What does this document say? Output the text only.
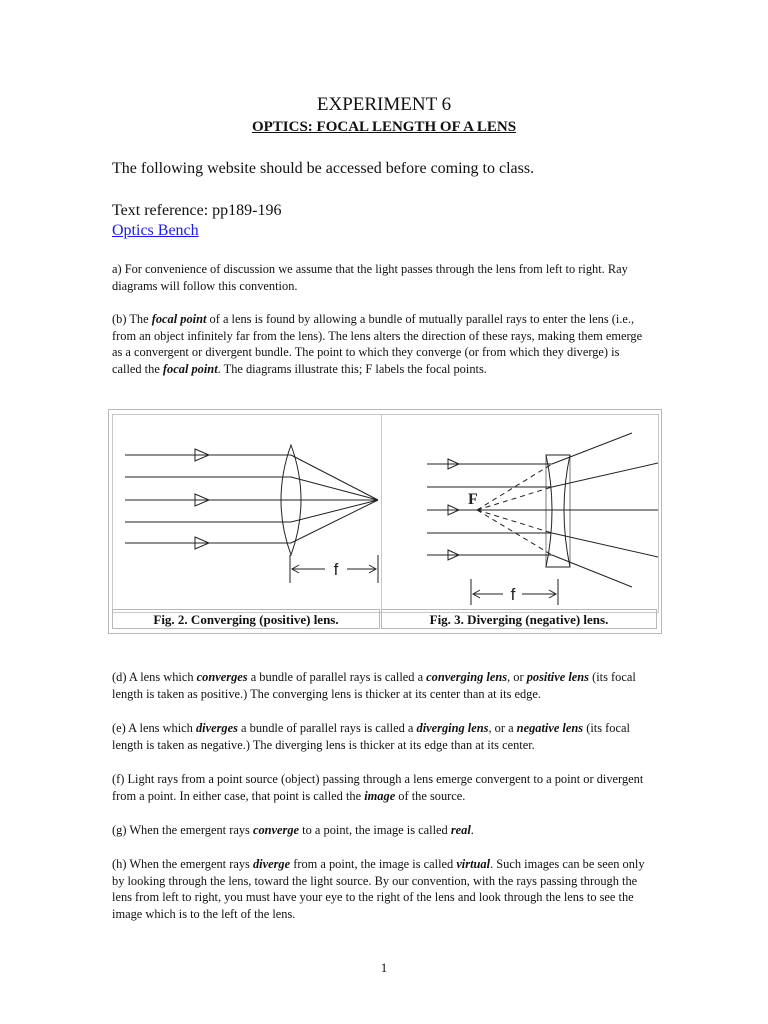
EXPERIMENT 6
OPTICS: FOCAL LENGTH OF A LENS
The following website should be accessed before coming to class.
Text reference: pp189-196
Optics Bench
a) For convenience of discussion we assume that the light passes through the lens from left to right. Ray diagrams will follow this convention.
(b) The focal point of a lens is found by allowing a bundle of mutually parallel rays to enter the lens (i.e., from an object infinitely far from the lens). The lens alters the direction of these rays, making them emerge as a convergent or divergent bundle. The point to which they converge (or from which they diverge) is called the focal point. The diagrams illustrate this; F labels the focal points.
(d) A lens which converges a bundle of parallel rays is called a converging lens, or positive lens (its focal length is taken as positive.) The converging lens is thicker at its center than at its edge.
(e) A lens which diverges a bundle of parallel rays is called a diverging lens, or a negative lens (its focal length is taken as negative.) The diverging lens is thicker at its edge than at its center.
(f) Light rays from a point source (object) passing through a lens emerge convergent to a point or divergent from a point. In either case, that point is called the image of the source.
(g) When the emergent rays converge to a point, the image is called real.
(h) When the emergent rays diverge from a point, the image is called virtual. Such images can be seen only by looking through the lens, toward the light source. By our convention, with the rays passing through the lens from left to right, you must have your eye to the right of the lens and look through the lens to see the image which is to the left of the lens.
f
F
f
Fig. 2. Converging (positive) lens.	Fig. 3. Diverging (negative) lens.
1
